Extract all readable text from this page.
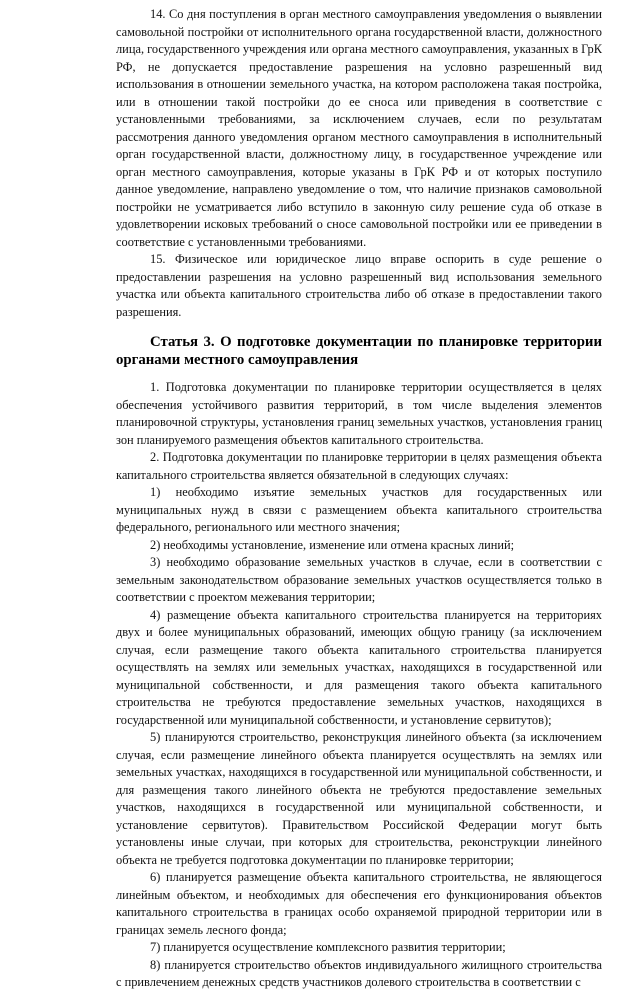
14. Со дня поступления в орган местного самоуправления уведомления о выявлении самовольной постройки от исполнительного органа государственной власти, должностного лица, государственного учреждения или органа местного самоуправления, указанных в ГрК РФ, не допускается предоставление разрешения на условно разрешенный вид использования в отношении земельного участка, на котором расположена такая постройка, или в отношении такой постройки до ее сноса или приведения в соответствие с установленными требованиями, за исключением случаев, если по результатам рассмотрения данного уведомления органом местного самоуправления в исполнительный орган государственной власти, должностному лицу, в государственное учреждение или орган местного самоуправления, которые указаны в ГрК РФ и от которых поступило данное уведомление, направлено уведомление о том, что наличие признаков самовольной постройки не усматривается либо вступило в законную силу решение суда об отказе в удовлетворении исковых требований о сносе самовольной постройки или ее приведении в соответствие с установленными требованиями.

15. Физическое или юридическое лицо вправе оспорить в суде решение о предоставлении разрешения на условно разрешенный вид использования земельного участка или объекта капитального строительства либо об отказе в предоставлении такого разрешения.

Статья 3. О подготовке документации по планировке территории органами местного самоуправления

1. Подготовка документации по планировке территории осуществляется в целях обеспечения устойчивого развития территорий, в том числе выделения элементов планировочной структуры, установления границ земельных участков, установления границ зон планируемого размещения объектов капитального строительства.

2. Подготовка документации по планировке территории в целях размещения объекта капитального строительства является обязательной в следующих случаях:

1) необходимо изъятие земельных участков для государственных или муниципальных нужд в связи с размещением объекта капитального строительства федерального, регионального или местного значения;

2) необходимы установление, изменение или отмена красных линий;

3) необходимо образование земельных участков в случае, если в соответствии с земельным законодательством образование земельных участков осуществляется только в соответствии с проектом межевания территории;

4) размещение объекта капитального строительства планируется на территориях двух и более муниципальных образований, имеющих общую границу (за исключением случая, если размещение такого объекта капитального строительства планируется осуществлять на землях или земельных участках, находящихся в государственной или муниципальной собственности, и для размещения такого объекта капитального строительства не требуются предоставление земельных участков, находящихся в государственной или муниципальной собственности, и установление сервитутов);

5) планируются строительство, реконструкция линейного объекта (за исключением случая, если размещение линейного объекта планируется осуществлять на землях или земельных участках, находящихся в государственной или муниципальной собственности, и для размещения такого линейного объекта не требуются предоставление земельных участков, находящихся в государственной или муниципальной собственности, и установление сервитутов). Правительством Российской Федерации могут быть установлены иные случаи, при которых для строительства, реконструкции линейного объекта не требуется подготовка документации по планировке территории;

6) планируется размещение объекта капитального строительства, не являющегося линейным объектом, и необходимых для обеспечения его функционирования объектов капитального строительства в границах особо охраняемой природной территории или в границах земель лесного фонда;

7) планируется осуществление комплексного развития территории;

8) планируется строительство объектов индивидуального жилищного строительства с привлечением денежных средств участников долевого строительства в соответствии с
